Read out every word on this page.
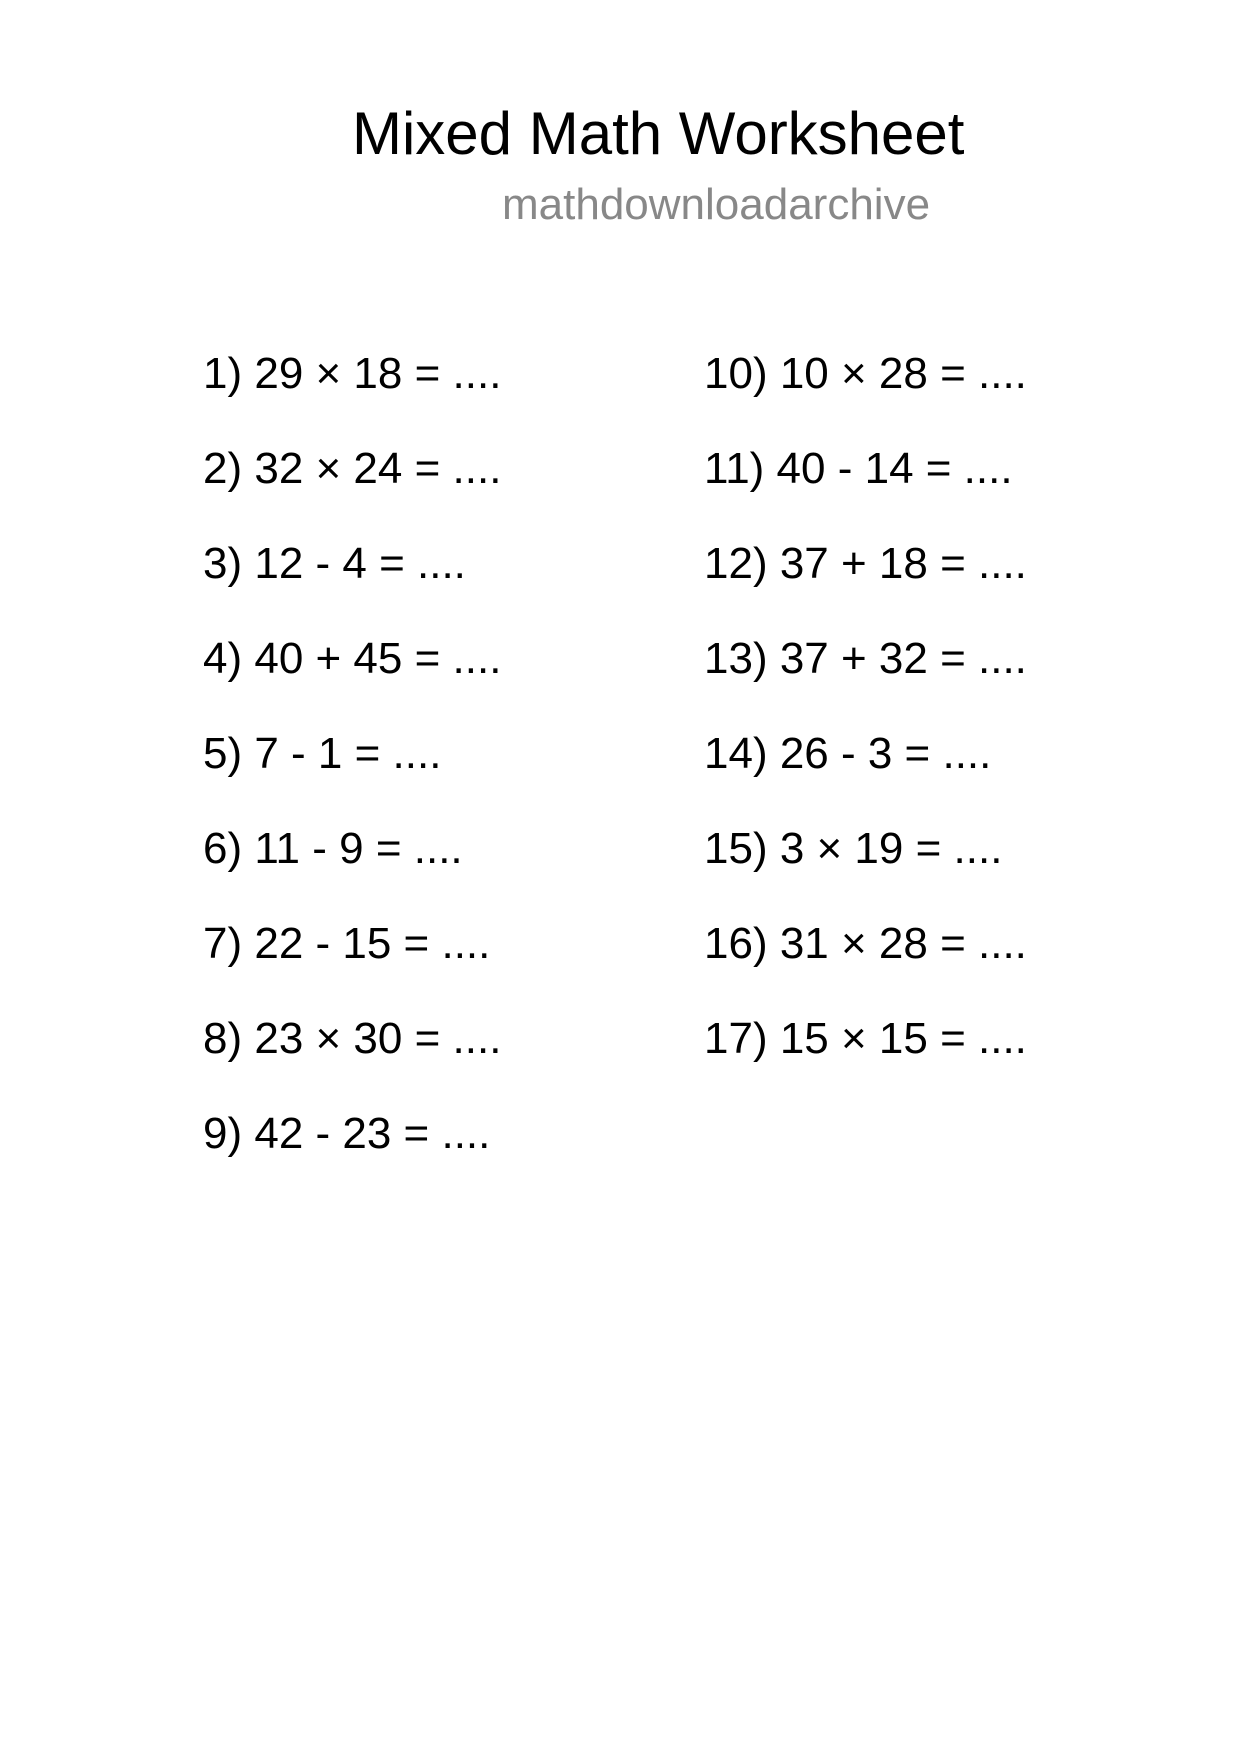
Mixed Math Worksheet
mathdownloadarchive
1) 29 × 18 = ....
2) 32 × 24 = ....
3) 12 - 4 = ....
4) 40 + 45 = ....
5) 7 - 1 = ....
6) 11 - 9 = ....
7) 22 - 15 = ....
8) 23 × 30 = ....
9) 42 - 23 = ....
10) 10 × 28 = ....
11) 40 - 14 = ....
12) 37 + 18 = ....
13) 37 + 32 = ....
14) 26 - 3 = ....
15) 3 × 19 = ....
16) 31 × 28 = ....
17) 15 × 15 = ....
